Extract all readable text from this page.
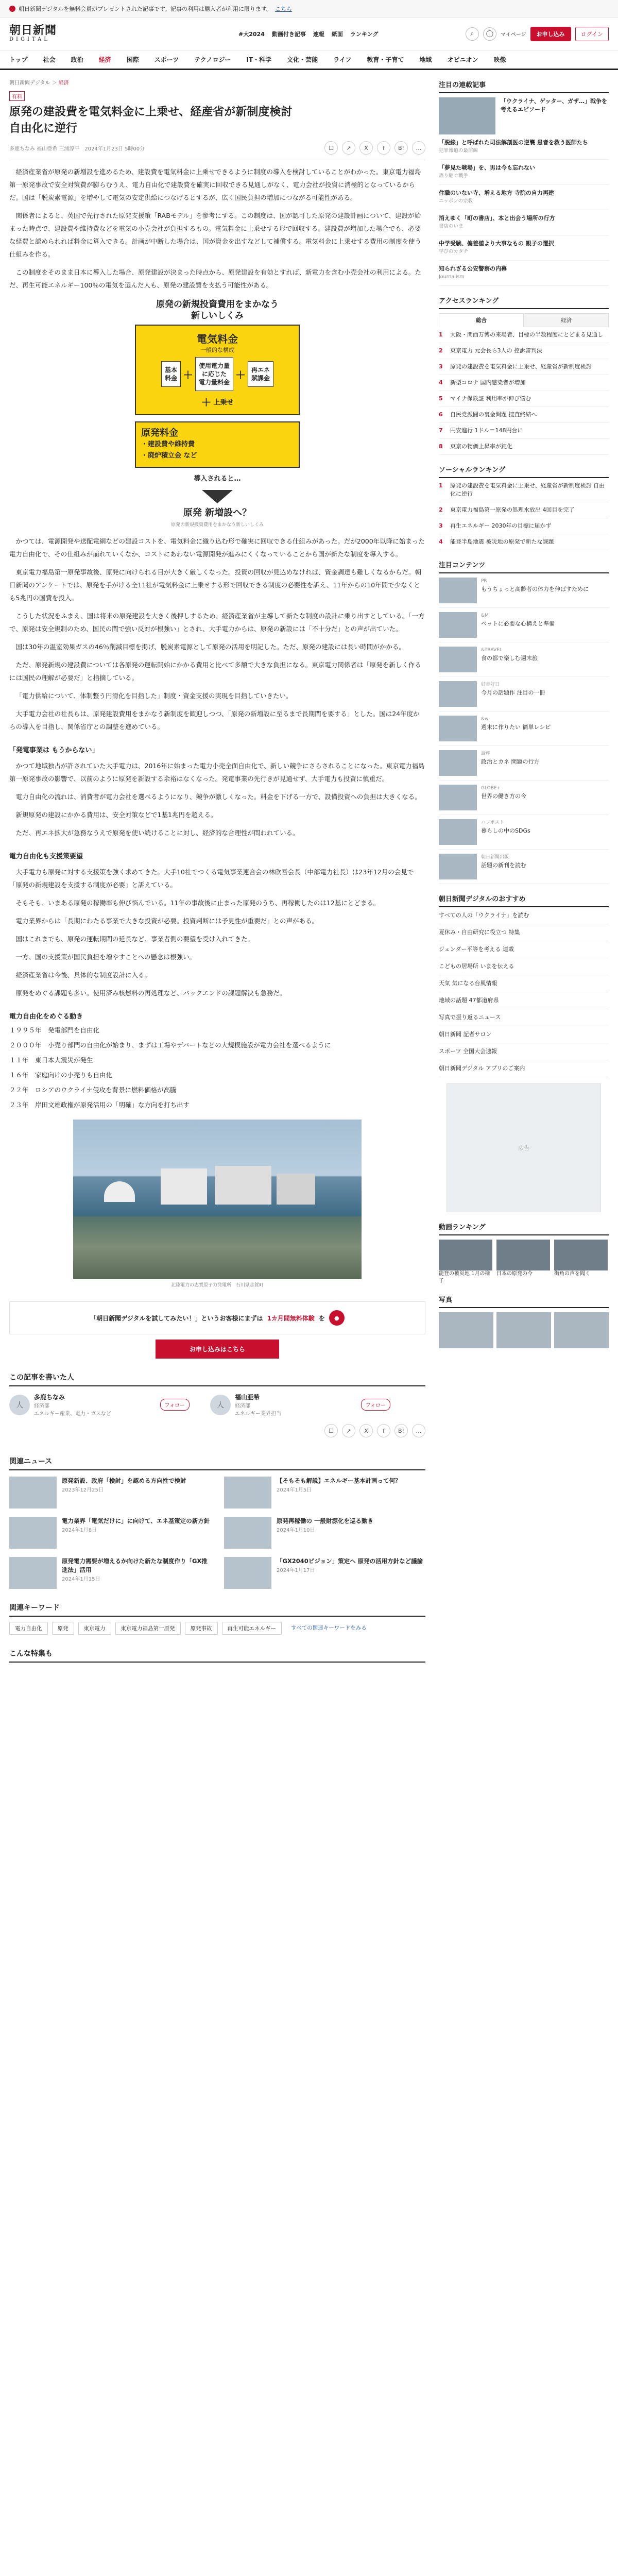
朝日新聞デジタルを無料会員がプレゼントされた記事です。記事の利用は購入者が利用に限ります。 こちら
朝日新聞
DIGITAL
#大2024 動画付き記事 速報 紙面 ランキング	⌕	◯	マイページ	お申し込み	ログイン
トップ	社会	政治	経済	国際	スポーツ	テクノロジー	IT・科学	文化・芸能	ライフ	教育・子育て	地域	オピニオン	映像
朝日新聞デジタル ＞ 経済
有料
原発の建設費を電気料金に上乗せ、経産省が新制度検討
自由化に逆行
多鹿ちなみ 福山亜希 三浦淳平　2024年1月23日 5時00分	☐	↗	X	f	B!	…

経済産業省が原発の新増設を進めるため、建設費を電気料金に上乗せできるように制度の導入を検討していることがわかった。東京電力福島第一原発事故で安全対策費が膨らむうえ、電力自由化で建設費を確実に回収できる見通しがなく、電力会社が投資に消極的となっているからだ。国は「脱炭素電源」を増やして電気の安定供給につなげるとするが、広く国民負担の増加につながる可能性がある。

関係者によると、英国で先行された原発支援策「RABモデル」を参考にする。この制度は、国が認可した原発の建設計画について、建設が始まった時点で、建設費や維持費などを電気の小売会社が負担するもの。電気料金に上乗せする形で回収する。建設費が増加した場合でも、必要な経費と認められれば料金に算入できる。計画が中断した場合は、国が資金を出すなどして補償する。電気料金に上乗せする費用の制度を使う仕組みを作る。

この制度をそのまま日本に導入した場合、原発建設が決まった時点から、原発建設を有効とすれば、新電力を含む小売会社の利用による。ただ、再生可能エネルギー100％の電気を選んだ人も、原発の建設費を支払う可能性がある。

原発の新規投資費用をまかなう
新しいしくみ
電気料金
一般的な構成
基本
料金 ＋
使用電力量
に応じた
電力量料金
＋ 再エネ
賦課金
＋ 上乗せ
原発料金
・建設費や維持費
・廃炉積立金 など
導入されると…
原発 新増設へ？
原発の新規投資費用をまかなう新しいしくみ

かつては、電源開発や送配電網などの建設コストを、電気料金に織り込む形で確実に回収できる仕組みがあった。だが2000年以降に始まった電力自由化で、その仕組みが崩れていくなか、コストにあわない電源開発が進みにくくなっていることから国が新たな制度を導入する。

東京電力福島第一原発事故後、原発に向けられる目が大きく厳しくなった。投資の回収が見込めなければ、資金調達も難しくなるからだ。朝日新聞のアンケートでは、原発を手がける全11社が電気料金に上乗せする形で回収できる制度の必要性を訴え、11年からの10年間で少なくとも5兆円の国費を投入。

こうした状況をふまえ、国は将来の原発建設を大きく後押しするため、経済産業省が主導して新たな制度の設計に乗り出すとしている。「一方で、原発は安全規制のため、国民の間で強い反対が根強い」とされ、大手電力からは、原発の新設には「不十分だ」との声が出ていた。

国は30年の温室効果ガスの46％削減目標を掲げ、脱炭素電源として原発の活用を明記した。ただ、原発の建設には長い時間がかかる。

ただ、原発新規の建設費については各原発の運転開始にかかる費用と比べて多額で大きな負担になる。東京電力関係者は「原発を新しく作るには国民の理解が必要だ」と指摘している。

「電力供給について、体制整う円滑化を目指した」制度・資金支援の実現を目指していきたい。

大手電力会社の社長らは、原発建設費用をまかなう新制度を歓迎しつつ、「原発の新増設に至るまで長期間を要する」とした。国は24年度からの導入を目指し、関係省庁との調整を進めている。

「発電事業は もうからない」

かつて地域独占が許されていた大手電力は、2016年に始まった電力小売全面自由化で、新しい競争にさらされることになった。東京電力福島第一原発事故の影響で、以前のように原発を新設する余裕はなくなった。発電事業の先行きが見通せず、大手電力も投資に慎重だ。

電力自由化の流れは、消費者が電力会社を選べるようになり、競争が激しくなった。料金を下げる一方で、設備投資への負担は大きくなる。

新規原発の建設にかかる費用は、安全対策などで1基1兆円を超える。

ただ、再エネ拡大が急務なうえで原発を使い続けることに対し、経済的な合理性が問われている。

電力自由化も支援策要望

大手電力も原発に対する支援策を強く求めてきた。大手10社でつくる電気事業連合会の林欣吾会長（中部電力社長）は23年12月の会見で「原発の新規建設を支援する制度が必要」と訴えている。

そもそも、いまある原発の稼働率も伸び悩んでいる。11年の事故後に止まった原発のうち、再稼働したのは12基にとどまる。

電力業界からは「長期にわたる事業で大きな投資が必要。投資判断には予見性が重要だ」との声がある。

国はこれまでも、原発の運転期間の延長など、事業者側の要望を受け入れてきた。

一方、国の支援策が国民負担を増やすことへの懸念は根強い。

経済産業省は今後、具体的な制度設計に入る。

原発をめぐる課題も多い。使用済み核燃料の再処理など、バックエンドの課題解決も急務だ。

電力自由化をめぐる動き

１９９５年　発電部門を自由化

２０００年　小売り部門の自由化が始まり、まずは工場やデパートなどの大規模施設が電力会社を選べるように

１１年　東日本大震災が発生

１６年　家庭向けの小売りも自由化

２２年　ロシアのウクライナ侵攻を背景に燃料価格が高騰

２３年　岸田文雄政権が原発活用の「明確」な方向を打ち出す

北陸電力の志賀原子力発電所　石川県志賀町
「朝日新聞デジタルを試してみたい！」というお客様にまずは 1カ月間無料体験 を	●
お申し込みはこちら
この記事を書いた人
人
多鹿ちなみ
経済部
エネルギー産業、電力・ガスなど
フォロー	人
福山亜希
経済部
エネルギー業界担当
フォロー
☐	↗	X	f	B!	…
関連ニュース
原発新設、政府「検討」を認める方向性で検討
2023年12月25日
【そもそも解説】エネルギー基本計画って何？
2024年1月5日
電力業界「電気だけに」に向けて、エネ基策定の新方針
2024年1月8日
原発再稼働の 一般財源化を巡る動き
2024年1月10日
原発電力需要が増えるか向けた新たな制度作り「GX推進法」活用
2024年1月15日
「GX2040ビジョン」策定へ 原発の活用方針など議論
2024年1月17日
関連キーワード
電力自由化	原発	東京電力	東京電力福島第一原発	原発事故	再生可能エネルギー	すべての関連キーワードをみる
こんな特集も
注目の連載記事
「ウクライナ、ゲッター、ガザ…」戦争を考えるエピソード
「脱線」と呼ばれた司法解剖医の逆襲 患者を救う医師たち
犯罪報道の最前線
「夢見た戦場」を、男は今も忘れない
語り継ぐ戦争
住職のいない寺、増える地方 寺院の自力再建
ニッポンの宗教
消えゆく「町の書店」、本と出会う場所の行方
書店のいま
中学受験、偏差値より大事なもの 親子の選択
学びのカタチ
知られざる公安警察の内幕
Journalism
アクセスランキング
総合	経済
1	大阪・関西万博の来場者、目標の半数程度にとどまる見通し
2	東京電力 元会長ら3人の 控訴審判決
3	原発の建設費を電気料金に上乗せ、経産省が新制度検討
4	新型コロナ 国内感染者が増加
5	マイナ保険証 利用率が伸び悩む
6	自民党派閥の裏金問題 捜査終結へ
7	円安進行 1ドル＝148円台に
8	東京の物価上昇率が鈍化
ソーシャルランキング
1	原発の建設費を電気料金に上乗せ、経産省が新制度検討 自由化に逆行
2	東京電力福島第一原発の処理水放出 4回目を完了
3	再生エネルギー 2030年の目標に届かず
4	能登半島地震 被災地の原発で新たな課題
注目コンテンツ
PR
もうちょっと高齢者の体力を伸ばすために
&M
ペットに必要な心構えと準備
&TRAVEL
食の都で楽しむ週末旅
好書好日
今月の話題作 注目の一冊
&w
週末に作りたい 簡単レシピ
論座
政治とカネ 問題の行方
GLOBE+
世界の働き方の今
ハフポスト
暮らしの中のSDGs
朝日新聞出版
話題の新刊を読む
朝日新聞デジタルのおすすめ
すべての人の「ウクライナ」を読む
夏休み・自由研究に役立つ 特集
ジェンダー平等を考える 連載
こどもの居場所 いまを伝える
天気 気になる台風情報
地域の話題 47都道府県
写真で振り返るニュース
朝日新聞 記者サロン
スポーツ 全国大会速報
朝日新聞デジタル アプリのご案内
広告
動画ランキング
能登の被災地 1月の様子
日本の原発の今	街角の声を聞く
写真
